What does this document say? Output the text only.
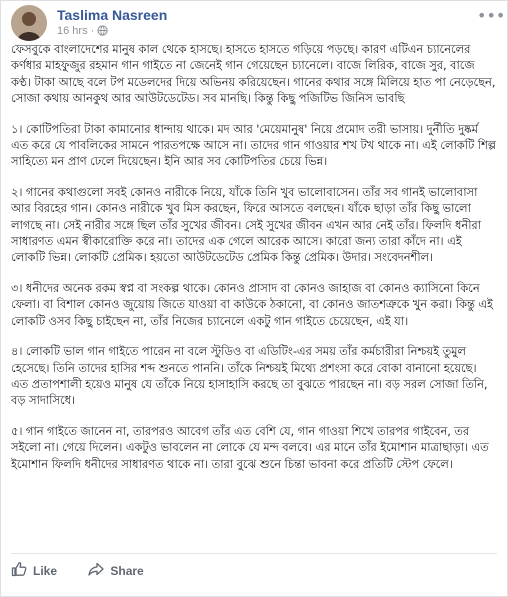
Taslima Nasreen
16 hrs ·
•••

ফেসবুকে বাংলাদেশের মানুষ কাল থেকে হাসছে। হাসতে হাসতে গড়িয়ে পড়ছে। কারণ এটিএন চ্যানেলের কর্ণধার মাহফুজুর রহমান গান গাইতে না জেনেই গান গেয়েছেন চ্যানেলে। বাজে লিরিক, বাজে সুর, বাজে কণ্ঠ। টাকা আছে বলে টপ মডেলদের দিয়ে অভিনয় করিয়েছেন। গানের কথার সঙ্গে মিলিয়ে হাত পা নেড়েছেন, সোজা কথায় আনকুথ আর আউটডেটেড। সব মানছি। কিন্তু কিছু পজিটিভ জিনিস ভাবছি

১। কোটিপতিরা টাকা কামানোর ধান্দায় থাকে। মদ আর 'মেয়েমানুষ' নিয়ে প্রমোদ তরী ভাসায়। দুর্নীতি দুষ্কর্ম এত করে যে পাবলিকের সামনে পারতপক্ষে আসে না। তাদের গান গাওয়ার শখ টখ থাকে না। এই লোকটি শিল্প সাহিত্যে মন প্রাণ ঢেলে দিয়েছেন। ইনি আর সব কোটিপতির চেয়ে ভিন্ন।

২। গানের কথাগুলো সবই কোনও নারীকে নিয়ে, যাঁকে তিনি খুব ভালোবাসেন। তাঁর সব গানই ভালোবাসা আর বিরহের গান। কোনও নারীকে খুব মিস করছেন, ফিরে আসতে বলছেন। যাঁকে ছাড়া তাঁর কিছু ভালো লাগছে না। সেই নারীর সঙ্গে ছিল তাঁর সুখের জীবন। সেই সুখের জীবন এখন আর নেই তাঁর। ফিলদি ধনীরা সাধারণত এমন স্বীকারোক্তি করে না। তাদের এক গেলে আরেক আসে। কারো জন্য তারা কাঁদে না। এই লোকটি ভিন্ন। লোকটি প্রেমিক। হয়তো আউটডেটেড প্রেমিক কিন্তু প্রেমিক। উদার। সংবেদনশীল।

৩। ধনীদের অনেক রকম স্বপ্ন বা সংকল্প থাকে। কোনও প্রাসাদ বা কোনও জাহাজ বা কোনও ক্যাসিনো কিনে ফেলা। বা বিশাল কোনও জুয়োয় জিতে যাওয়া বা কাউকে ঠকানো, বা কোনও জাতশত্রুকে খুন করা। কিন্তু এই লোকটি ওসব কিছু চাইছেন না, তাঁর নিজের চ্যানেলে একটু গান গাইতে চেয়েছেন, এই যা।

৪। লোকটি ভাল গান গাইতে পারেন না বলে স্টুডিও বা এডিটিং-এর সময় তাঁর কর্মচারীরা নিশ্চয়ই তুমুল হেসেছে। তিনি তাদের হাসির শব্দ শুনতে পাননি। তাঁকে নিশ্চয়ই মিথ্যে প্রশংসা করে বোকা বানানো হয়েছে। এত প্রতাপশালী হয়েও মানুষ যে তাঁকে নিয়ে হাসাহাসি করছে তা বুঝতে পারছেন না। বড় সরল সোজা তিনি, বড় সাদাসিধে।

৫। গান গাইতে জানেন না, তারপরও আবেগ তাঁর এত বেশি যে, গান গাওয়া শিখে তারপর গাইবেন, তর সইলো না। গেয়ে দিলেন। একটুও ভাবলেন না লোকে যে মন্দ বলবে। এর মানে তাঁর ইমোশান মাত্রাছাড়া। এত ইমোশান ফিলদি ধনীদের সাধারণত থাকে না। তারা বুঝে শুনে চিন্তা ভাবনা করে প্রতিটি স্টেপ ফেলে।

Like
	Share
